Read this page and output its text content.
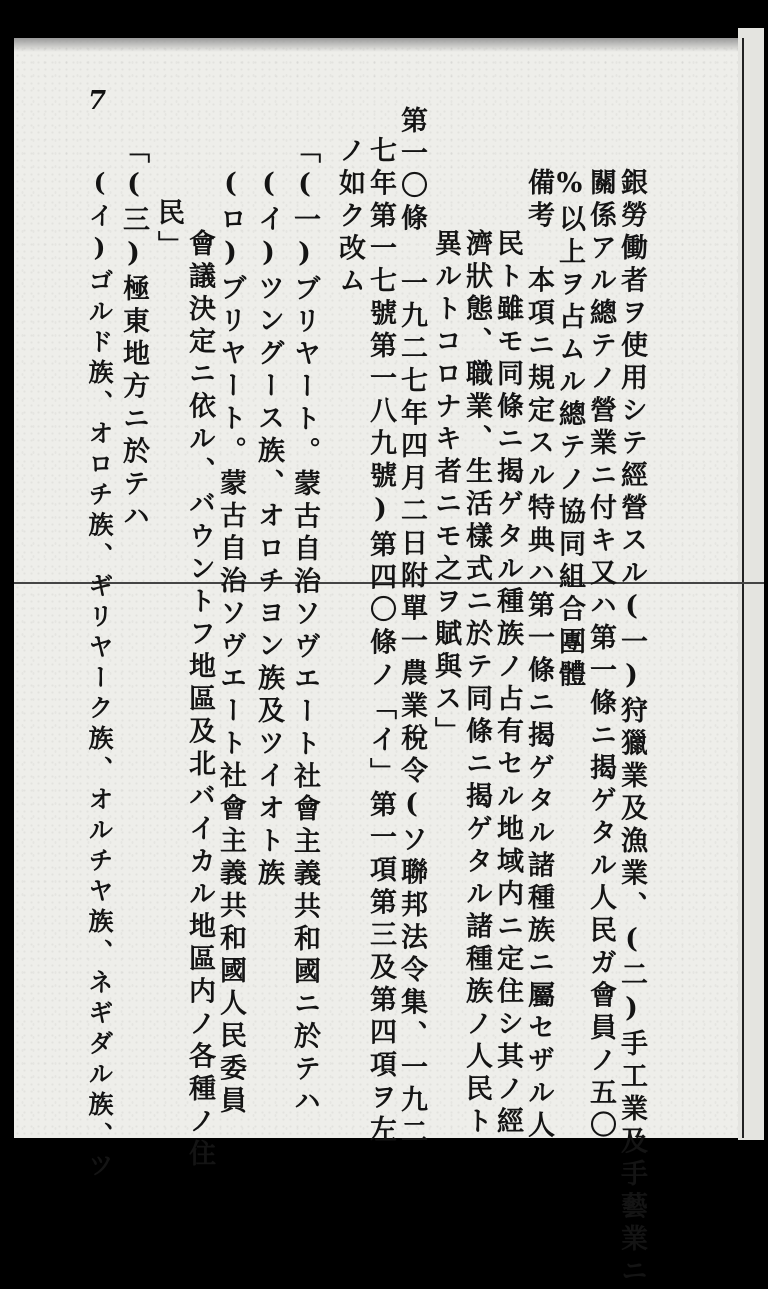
7
銀勞働者ヲ使用シテ經營スル(一)狩獵業及漁業、(二)手工業及手藝業ニ
關係アル總テノ營業ニ付キ又ハ第一條ニ揭ゲタル人民ガ會員ノ五〇
%以上ヲ占ムル總テノ協同組合團體
備考　本項ニ規定スル特典ハ第一條ニ揭ゲタル諸種族ニ屬セザル人
民ト雖モ同條ニ揭ゲタル種族ノ占有セル地域内ニ定住シ其ノ經
濟狀態、職業、生活樣式ニ於テ同條ニ揭ゲタル諸種族ノ人民ト
異ルトコロナキ者ニモ之ヲ賦與ス」
第一〇條　一九二七年四月二日附單一農業稅令(ソ聯邦法令集、一九二
七年第一七號第一八九號)第四〇條ノ「イ」第一項第三及第四項ヲ左
ノ如ク改ム
「(一)ブリヤート。蒙古自治ソヴエート社會主義共和國ニ於テハ
(イ)ツングース族、オロチヨン族及ツイオト族
(ロ)ブリヤート。蒙古自治ソヴエート社會主義共和國人民委員
會議決定ニ依ル、バウントフ地區及北バイカル地區内ノ各種ノ住
民」
「(三)極東地方ニ於テハ
(イ)ゴルド族、オロチ族、ギリヤーク族、オルチヤ族、ネギダル族、ツ
